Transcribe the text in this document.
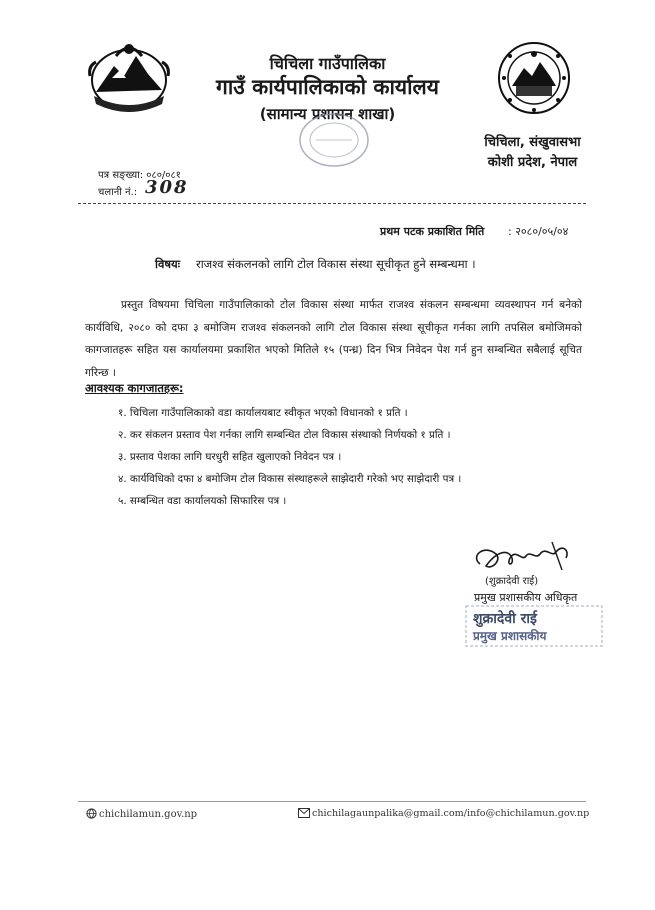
चिचिला गाउँपालिका
गाउँ कार्यपालिकाको कार्यालय
(सामान्य प्रशासन शाखा)
चिचिला, संखुवासभा
कोशी प्रदेश, नेपाल
पत्र सङ्ख्या: ०८०/०८१
चलानी नं.: 308
प्रथम पटक प्रकाशित मिति : २०८०/०५/०४
विषयः राजश्व संकलनको लागि टोल विकास संस्था सूचीकृत हुने सम्बन्धमा ।
प्रस्तुत विषयमा चिचिला गाउँपालिकाको टोल विकास संस्था मार्फत राजश्व संकलन सम्बन्धमा व्यवस्थापन गर्न बनेको कार्यविधि, २०८० को दफा ३ बमोजिम राजश्व संकलनको लागि टोल विकास संस्था सूचीकृत गर्नका लागि तपसिल बमोजिमको कागजातहरू सहित यस कार्यालयमा प्रकाशित भएको मितिले १५ (पन्ध्र) दिन भित्र निवेदन पेश गर्न हुन सम्बन्धित सबैलाई सूचित गरिन्छ ।
आवश्यक कागजातहरू:
१. चिचिला गाउँपालिकाको वडा कार्यालयबाट स्वीकृत भएको विधानको १ प्रति ।
२. कर संकलन प्रस्ताव पेश गर्नका लागि सम्बन्धित टोल विकास संस्थाको निर्णयको १ प्रति ।
३. प्रस्ताव पेशका लागि घरधुरी सहित खुलाएको निवेदन पत्र ।
४. कार्यविधिको दफा ४ बमोजिम टोल विकास संस्थाहरूले साझेदारी गरेको भए साझेदारी पत्र ।
५. सम्बन्धित वडा कार्यालयको सिफारिस पत्र ।
(शुक्रादेवी राई)
प्रमुख प्रशासकीय अधिकृत
शुक्रादेवी राई
प्रमुख प्रशासकीय
chichilamun.gov.np	chichilagaunpalika@gmail.com/info@chichilamun.gov.np
